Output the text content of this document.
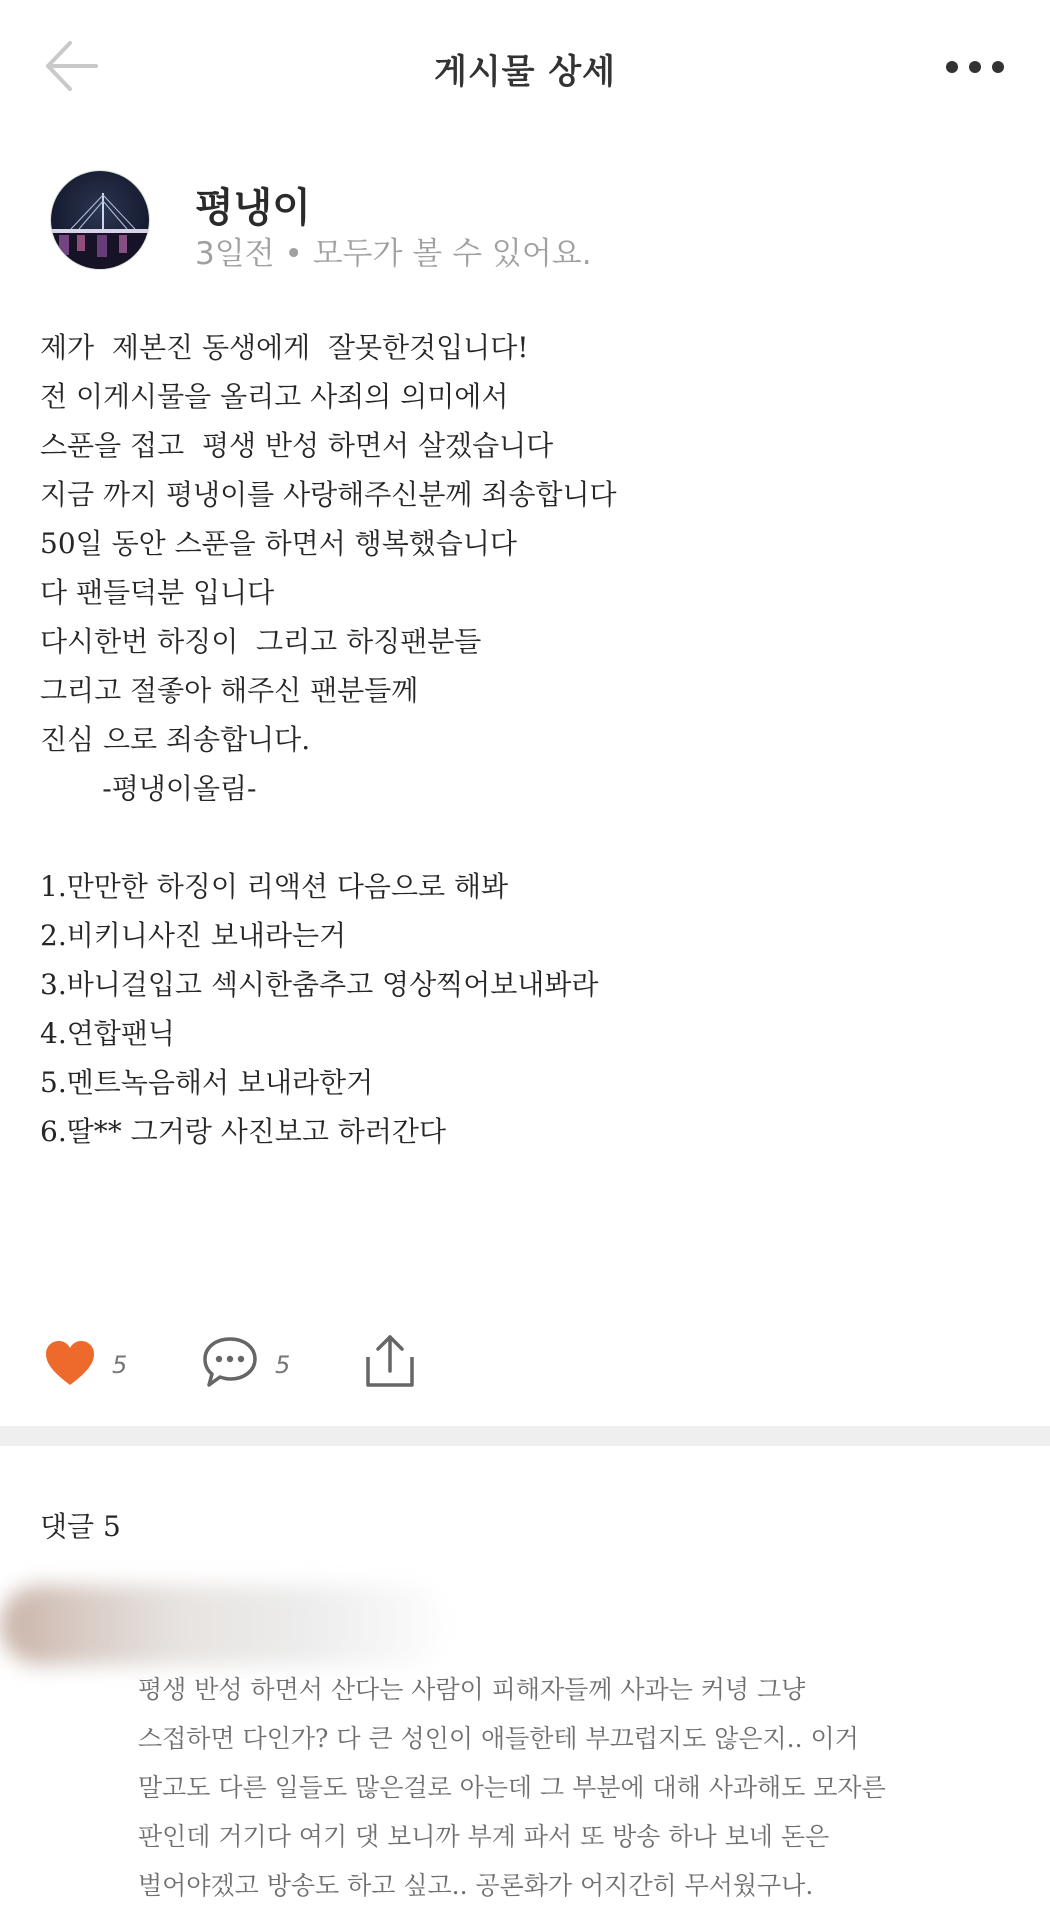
게시물 상세
평냉이
3일전 • 모두가 볼 수 있어요.
제가  제본진 동생에게  잘못한것입니다!
전 이게시물을 올리고 사죄의 의미에서
스푼을 접고  평생 반성 하면서 살겠습니다
지금 까지 평냉이를 사랑해주신분께 죄송합니다
50일 동안 스푼을 하면서 행복했습니다
다 팬들덕분 입니다
다시한번 하징이  그리고 하징팬분들
그리고 절좋아 해주신 팬분들께
진심 으로 죄송합니다.
-평냉이올림-
1.만만한 하징이 리액션 다음으로 해봐
2.비키니사진 보내라는거
3.바니걸입고 섹시한춤추고 영상찍어보내봐라
4.연합팬닉
5.멘트녹음해서 보내라한거
6.딸** 그거랑 사진보고 하러간다
5	5
댓글 5
평생 반성 하면서 산다는 사람이 피해자들께 사과는 커녕 그냥
스접하면 다인가? 다 큰 성인이 애들한테 부끄럽지도 않은지.. 이거
말고도 다른 일들도 많은걸로 아는데 그 부분에 대해 사과해도 모자른
판인데 거기다 여기 댓 보니까 부계 파서 또 방송 하나 보네 돈은
벌어야겠고 방송도 하고 싶고.. 공론화가 어지간히 무서웠구나.
